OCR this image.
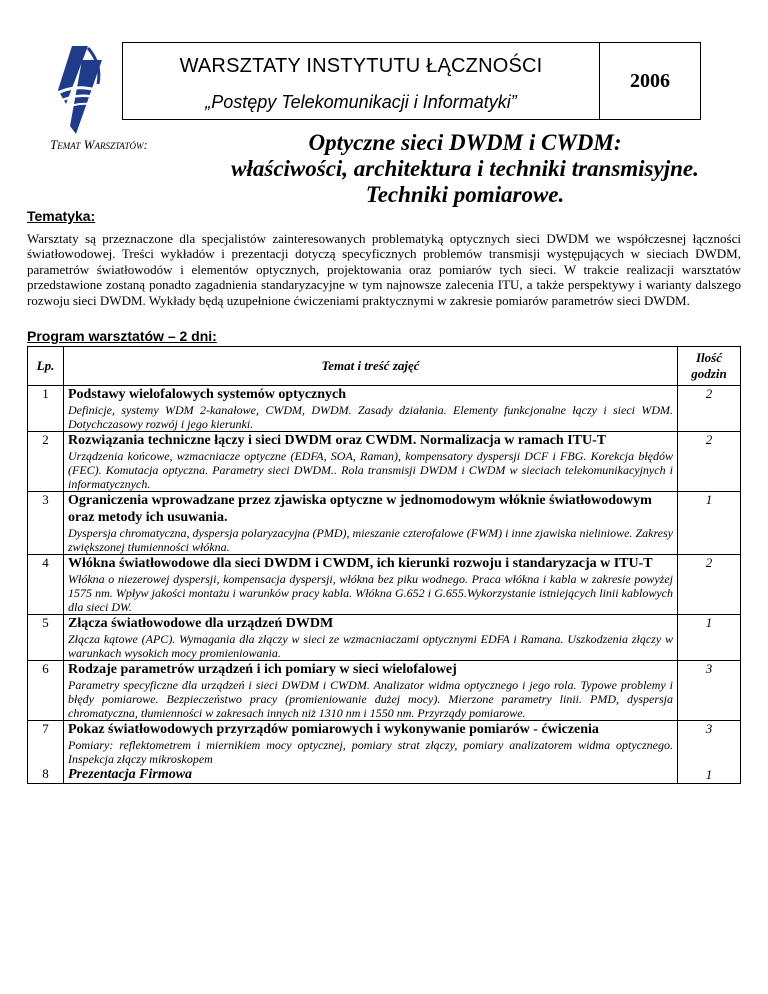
WARSZTATY INSTYTUTU ŁĄCZNOŚCI
„Postępy Telekomunikacji i Informatyki”
2006
Temat Warsztatów:	Optyczne sieci DWDM i CWDM:
właściwości, architektura i techniki transmisyjne.
Techniki pomiarowe.
Tematyka:
Warsztaty są przeznaczone dla specjalistów zainteresowanych problematyką optycznych sieci DWDM we współczesnej łączności światłowodowej. Treści wykładów i prezentacji dotyczą specyficznych problemów transmisji występujących w sieciach DWDM, parametrów światłowodów i elementów optycznych, projektowania oraz pomiarów tych sieci. W trakcie realizacji warsztatów przedstawione zostaną ponadto zagadnienia standaryzacyjne w tym najnowsze zalecenia ITU, a także perspektywy i warianty dalszego rozwoju sieci DWDM. Wykłady będą uzupełnione ćwiczeniami praktycznymi w zakresie pomiarów parametrów sieci DWDM.
Program warsztatów – 2 dni:
Lp.	Temat i treść zajęć	Ilość godzin
1	Podstawy wielofalowych systemów optycznych	2
	Definicje, systemy WDM 2-kanałowe, CWDM, DWDM. Zasady działania. Elementy funkcjonalne łączy i sieci WDM. Dotychczasowy rozwój i jego kierunki.	
2	Rozwiązania techniczne łączy i sieci DWDM oraz CWDM. Normalizacja w ramach ITU-T	2
	Urządzenia końcowe, wzmacniacze optyczne (EDFA, SOA, Raman), kompensatory dyspersji DCF i FBG. Korekcja błędów (FEC). Komutacja optyczna. Parametry sieci DWDM.. Rola transmisji DWDM i CWDM w sieciach telekomunikacyjnych i informatycznych.	
3	Ograniczenia wprowadzane przez zjawiska optyczne w jednomodowym włóknie światłowodowym oraz metody ich usuwania.	1
	Dyspersja chromatyczna, dyspersja polaryzacyjna (PMD), mieszanie czterofalowe (FWM) i inne zjawiska nieliniowe. Zakresy zwiększonej tłumienności włókna.	
4	Włókna światłowodowe dla sieci DWDM i CWDM, ich kierunki rozwoju i standaryzacja w ITU-T	2
	Włókna o niezerowej dyspersji, kompensacja dyspersji, włókna bez piku wodnego. Praca włókna i kabla w zakresie powyżej 1575 nm. Wpływ jakości montażu i warunków pracy kabla. Włókna G.652 i G.655.Wykorzystanie istniejących linii kablowych dla sieci DW.	
5	Złącza światłowodowe dla urządzeń DWDM	1
	Złącza kątowe (APC). Wymagania dla złączy w sieci ze wzmacniaczami optycznymi EDFA i Ramana. Uszkodzenia złączy w warunkach wysokich mocy promieniowania.	
6	Rodzaje parametrów urządzeń i ich pomiary w sieci wielofalowej	3
	Parametry specyficzne dla urządzeń i sieci DWDM i CWDM. Analizator widma optycznego i jego rola. Typowe problemy i błędy pomiarowe. Bezpieczeństwo pracy (promieniowanie dużej mocy). Mierzone parametry linii. PMD, dyspersja chromatyczna, tłumienności w zakresach innych niż 1310 nm i 1550 nm. Przyrządy pomiarowe.	
7	Pokaz światłowodowych przyrządów pomiarowych i wykonywanie pomiarów - ćwiczenia	3
	Pomiary: reflektometrem i miernikiem mocy optycznej, pomiary strat złączy, pomiary analizatorem widma optycznego. Inspekcja złączy mikroskopem	
8	Prezentacja Firmowa	1
